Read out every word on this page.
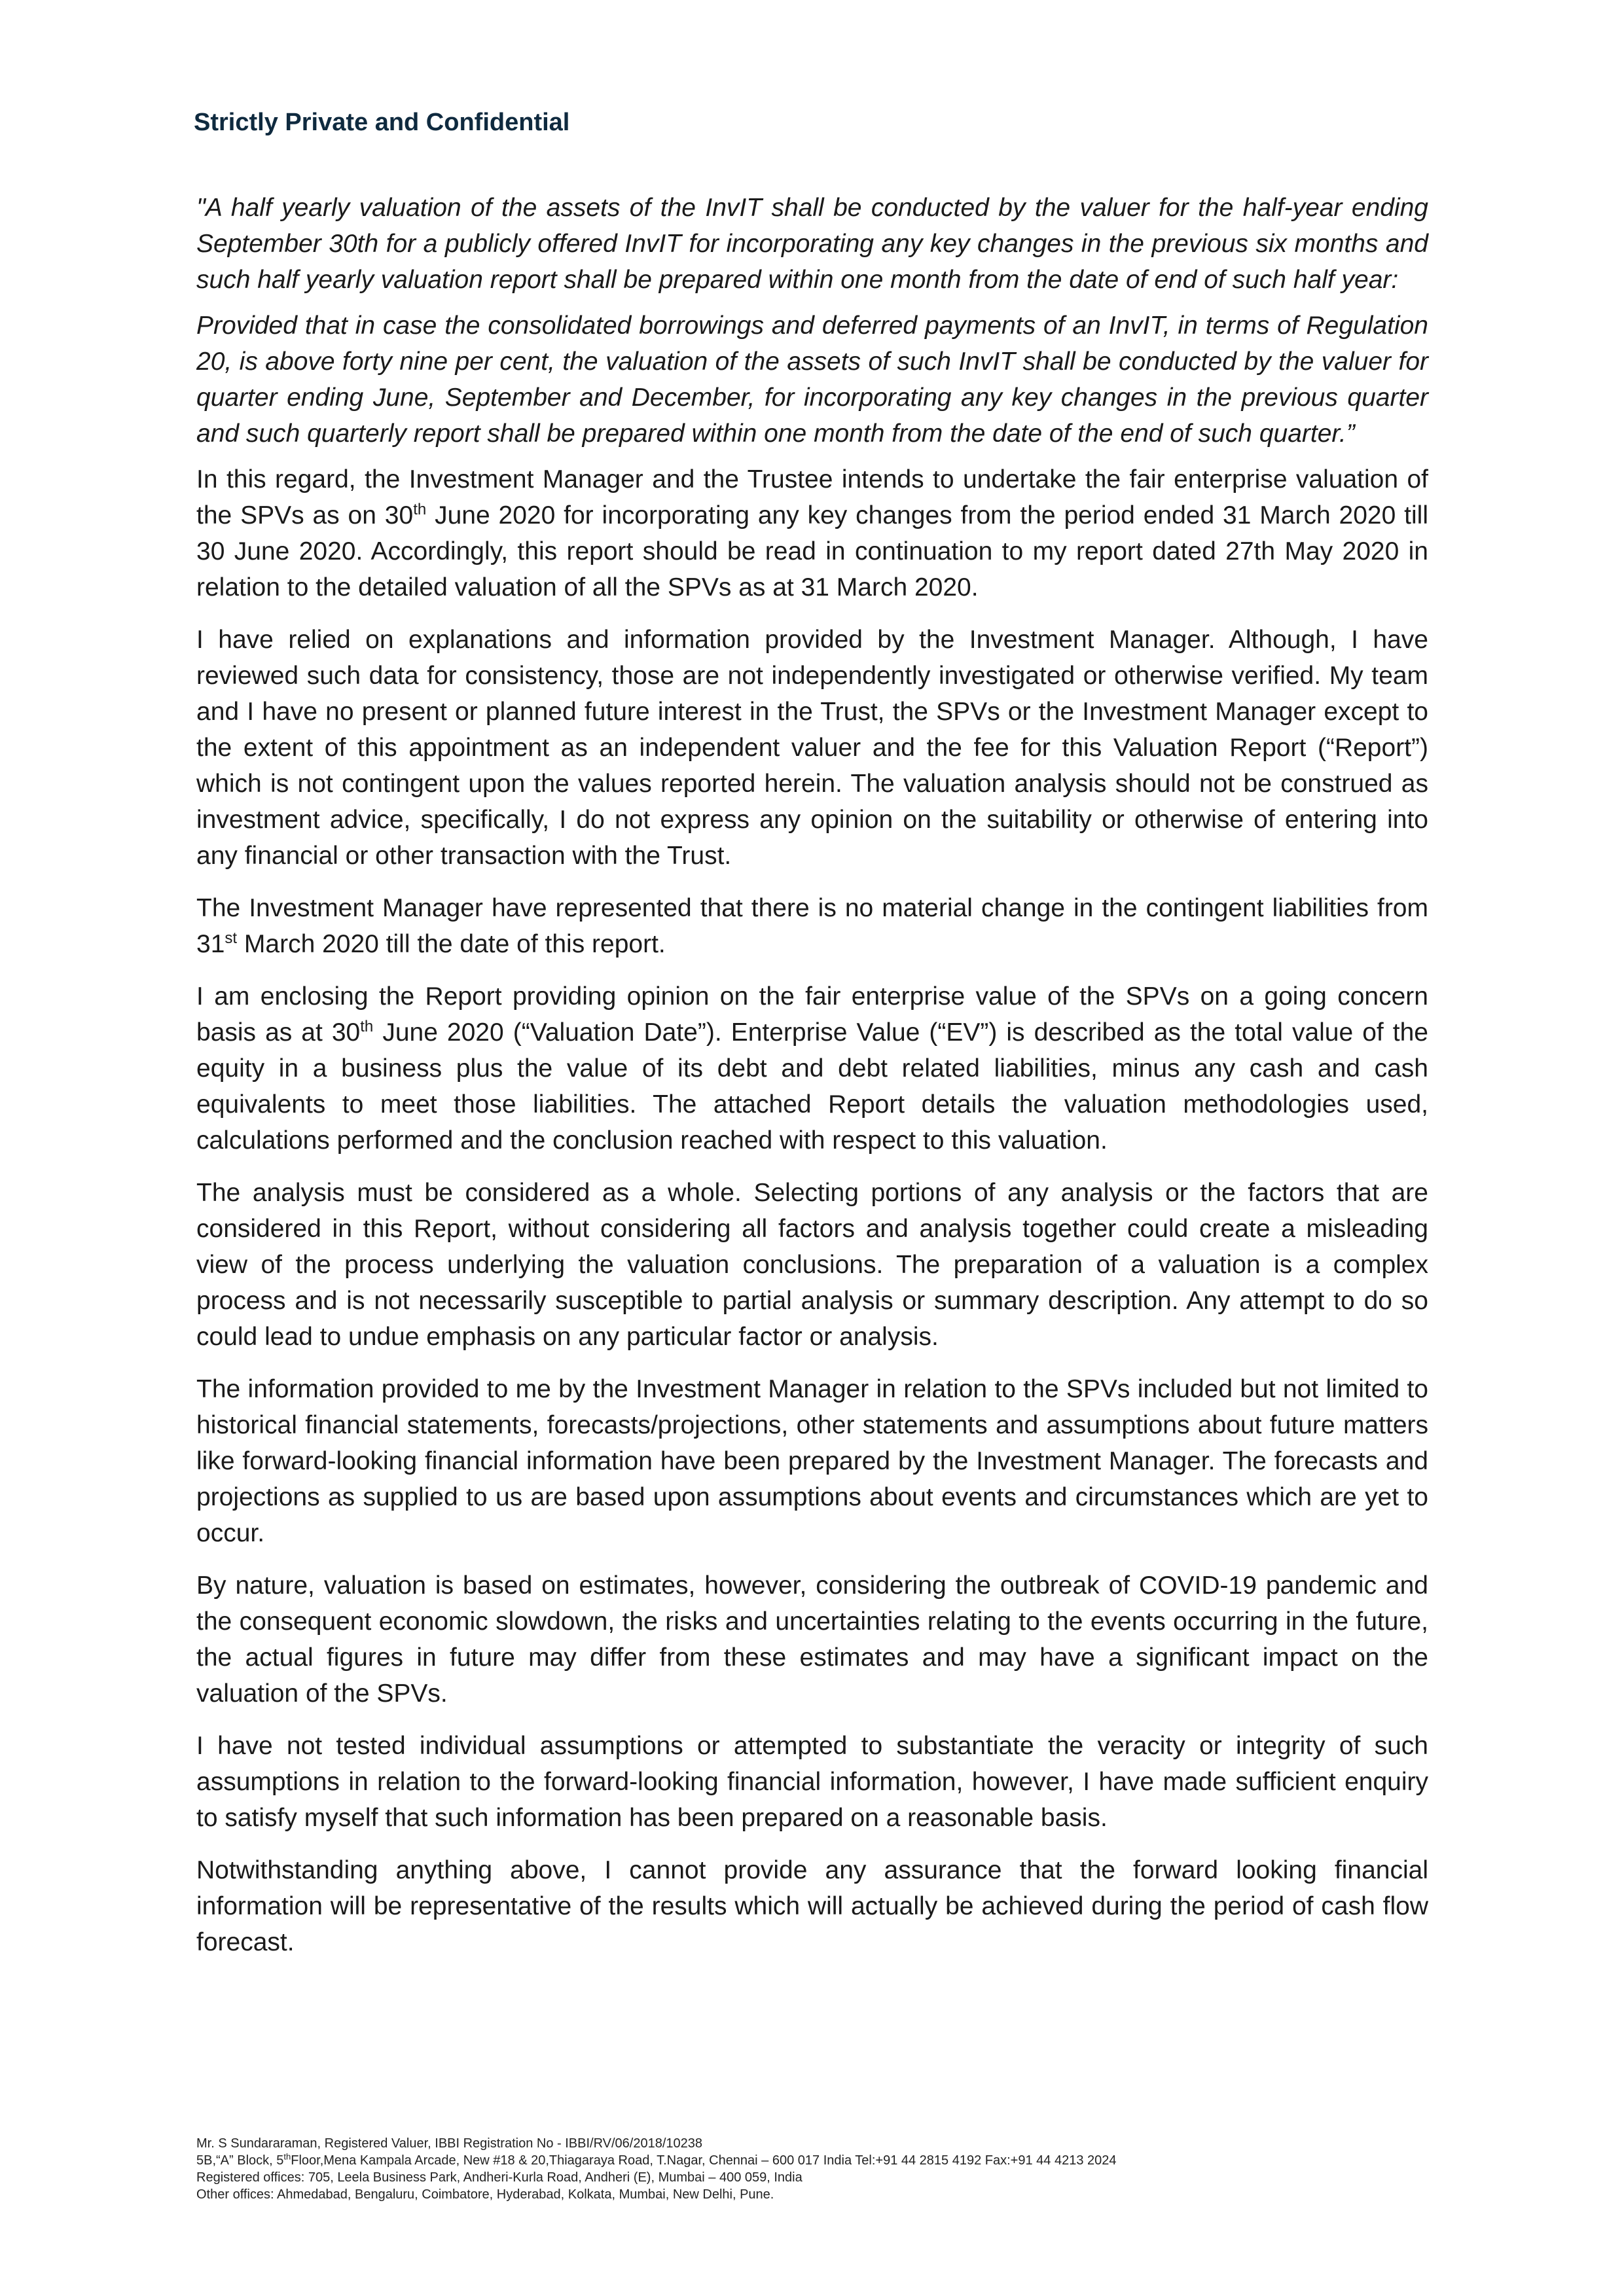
Strictly Private and Confidential

"A half yearly valuation of the assets of the InvIT shall be conducted by the valuer for the half-year ending September 30th for a publicly offered InvIT for incorporating any key changes in the previous six months and such half yearly valuation report shall be prepared within one month from the date of end of such half year:

Provided that in case the consolidated borrowings and deferred payments of an InvIT, in terms of Regulation 20, is above forty nine per cent, the valuation of the assets of such InvIT shall be conducted by the valuer for quarter ending June, September and December, for incorporating any key changes in the previous quarter and such quarterly report shall be prepared within one month from the date of the end of such quarter.”

In this regard, the Investment Manager and the Trustee intends to undertake the fair enterprise valuation of the SPVs as on 30th June 2020 for incorporating any key changes from the period ended 31 March 2020 till 30 June 2020. Accordingly, this report should be read in continuation to my report dated 27th May 2020 in relation to the detailed valuation of all the SPVs as at 31 March 2020.

I have relied on explanations and information provided by the Investment Manager. Although, I have reviewed such data for consistency, those are not independently investigated or otherwise verified. My team and I have no present or planned future interest in the Trust, the SPVs or the Investment Manager except to the extent of this appointment as an independent valuer and the fee for this Valuation Report (“Report”) which is not contingent upon the values reported herein. The valuation analysis should not be construed as investment advice, specifically, I do not express any opinion on the suitability or otherwise of entering into any financial or other transaction with the Trust.

The Investment Manager have represented that there is no material change in the contingent liabilities from 31st March 2020 till the date of this report.

I am enclosing the Report providing opinion on the fair enterprise value of the SPVs on a going concern basis as at 30th June 2020 (“Valuation Date”). Enterprise Value (“EV”) is described as the total value of the equity in a business plus the value of its debt and debt related liabilities, minus any cash and cash equivalents to meet those liabilities. The attached Report details the valuation methodologies used, calculations performed and the conclusion reached with respect to this valuation.

The analysis must be considered as a whole. Selecting portions of any analysis or the factors that are considered in this Report, without considering all factors and analysis together could create a misleading view of the process underlying the valuation conclusions. The preparation of a valuation is a complex process and is not necessarily susceptible to partial analysis or summary description. Any attempt to do so could lead to undue emphasis on any particular factor or analysis.

The information provided to me by the Investment Manager in relation to the SPVs included but not limited to historical financial statements, forecasts/projections, other statements and assumptions about future matters like forward-looking financial information have been prepared by the Investment Manager. The forecasts and projections as supplied to us are based upon assumptions about events and circumstances which are yet to occur.

By nature, valuation is based on estimates, however, considering the outbreak of COVID-19 pandemic and the consequent economic slowdown, the risks and uncertainties relating to the events occurring in the future, the actual figures in future may differ from these estimates and may have a significant impact on the valuation of the SPVs.

I have not tested individual assumptions or attempted to substantiate the veracity or integrity of such assumptions in relation to the forward-looking financial information, however, I have made sufficient enquiry to satisfy myself that such information has been prepared on a reasonable basis.

Notwithstanding anything above, I cannot provide any assurance that the forward looking financial information will be representative of the results which will actually be achieved during the period of cash flow forecast.

Mr. S Sundararaman, Registered Valuer, IBBI Registration No - IBBI/RV/06/2018/10238
5B,“A” Block, 5thFloor,Mena Kampala Arcade, New #18 & 20,Thiagaraya Road, T.Nagar, Chennai – 600 017 India Tel:+91 44 2815 4192 Fax:+91 44 4213 2024
Registered offices: 705, Leela Business Park, Andheri-Kurla Road, Andheri (E), Mumbai – 400 059, India
Other offices: Ahmedabad, Bengaluru, Coimbatore, Hyderabad, Kolkata, Mumbai, New Delhi, Pune.
